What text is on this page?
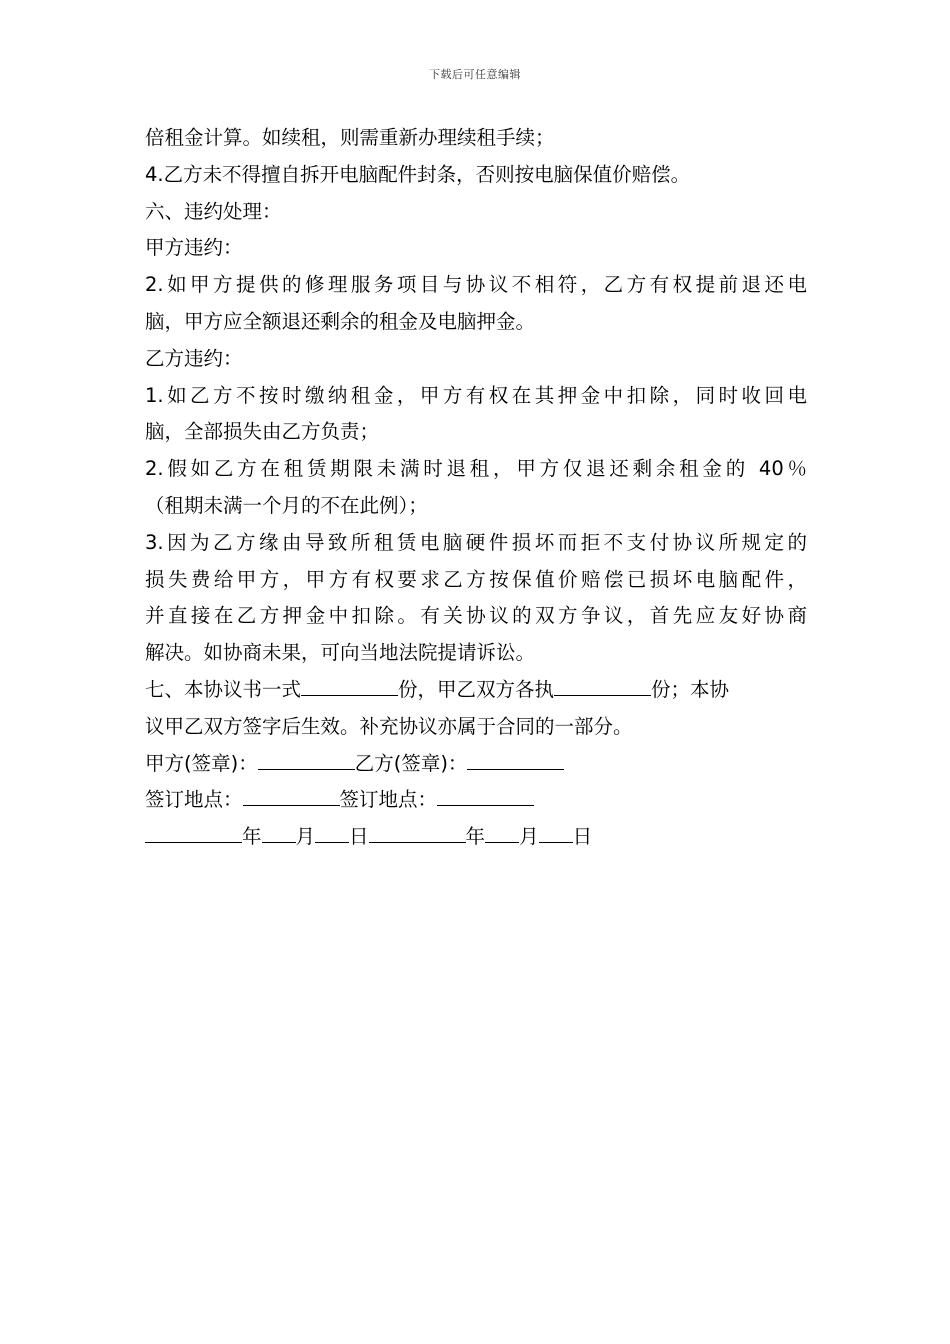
下载后可任意编辑
倍租金计算。如续租，则需重新办理续租手续；
4.乙方未不得擅自拆开电脑配件封条，否则按电脑保值价赔偿。
六、违约处理：
甲方违约：
2.如甲方提供的修理服务项目与协议不相符，乙方有权提前退还电
脑，甲方应全额退还剩余的租金及电脑押金。
乙方违约：
1.如乙方不按时缴纳租金，甲方有权在其押金中扣除，同时收回电
脑，全部损失由乙方负责；
2.假如乙方在租赁期限未满时退租，甲方仅退还剩余租金的 40％
（租期未满一个月的不在此例）；
3.因为乙方缘由导致所租赁电脑硬件损坏而拒不支付协议所规定的
损失费给甲方，甲方有权要求乙方按保值价赔偿已损坏电脑配件，
并直接在乙方押金中扣除。有关协议的双方争议，首先应友好协商
解决。如协商未果，可向当地法院提请诉讼。
七、本协议书一式	份，甲乙双方各执	份；本协
议甲乙双方签字后生效。补充协议亦属于合同的一部分。
甲方(签章)：	乙方(签章)：
签订地点：	签订地点：
年 月 日	年 月 日
